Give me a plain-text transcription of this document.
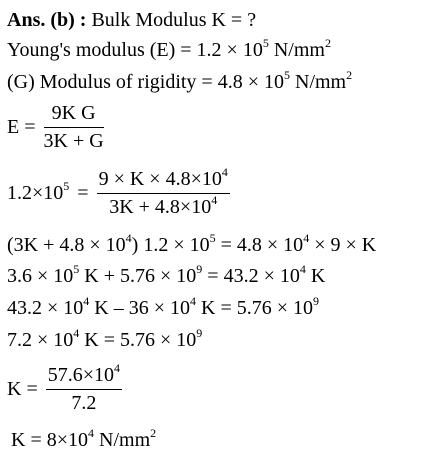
Ans. (b) : Bulk Modulus K = ?
Young's modulus $(E) = 1.2 \times 10^5$ $N/mm^2$
(G) Modulus of rigidity = $4.8 \times 10^5$ $N/mm^2$
$E = \frac{\text{9K G}}{3K + G}$
$1.2\times 10^5 = \frac{9 \times K \times 4.8\times 10^4}{3K + 4.8\times 10^4}$
$(3K + 4.8 \times 10^4)$ $1.2 \times 10^5 = 4.8 \times 10^4 \times 9 \times K$
$3.6 \times 10^5$ $K + 5.76 \times 10^9 = 43.2 \times 10^4$ K
$43.2 \times 10^4$ $K - 36 \times 10^4$ $K = 5.76 \times 10^9$
$7.2 \times 10^4$ $K = 5.76 \times 10^9$
$K = \frac{57.6\times 10^4}{7.2}$
$K = 8\times 10^4$ $N/mm^2$
